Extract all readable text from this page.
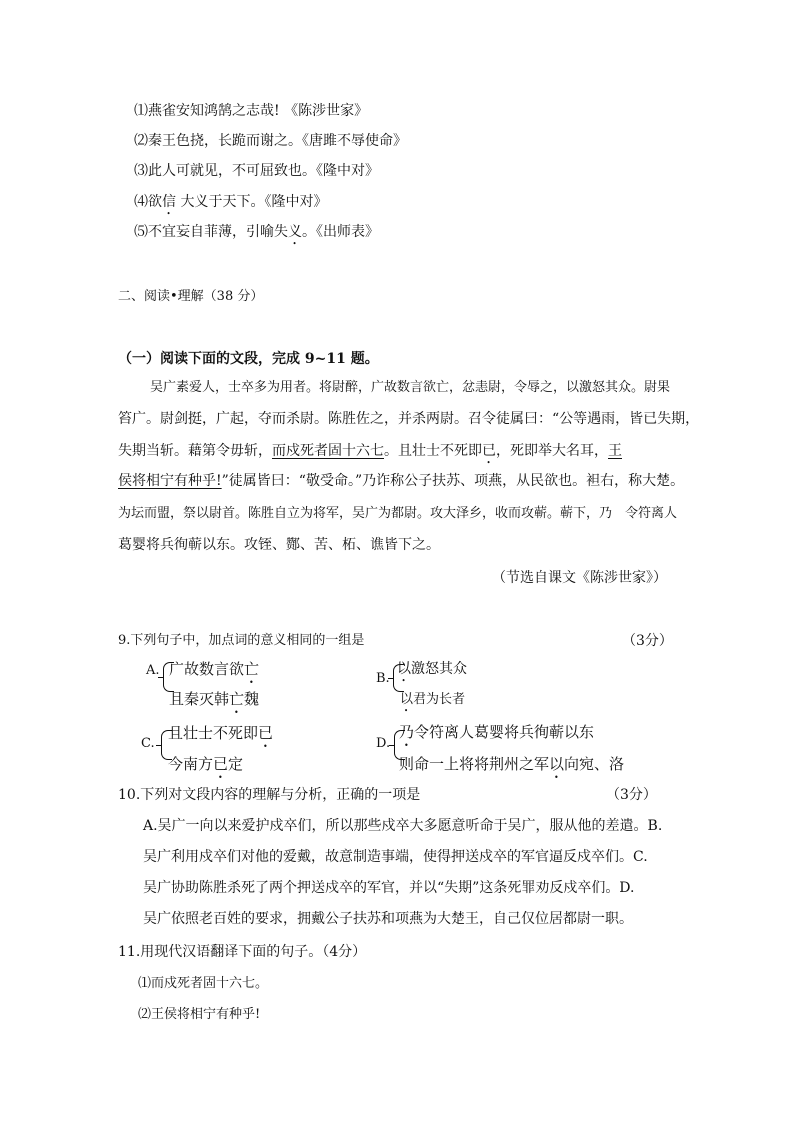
⑴燕雀安知鸿鹄之志哉! 《陈涉世家》
⑵秦王色挠，长跪而谢之。《唐雎不辱使命》
⑶此人可就见，不可屈致也。《隆中对》
⑷欲信 大义于天下。《隆中对》
⑸不宜妄自菲薄，引喻失义。《出师表》
二、阅读•理解（38 分）
（一）阅读下面的文段，完成 9~11 题。
吴广素爱人，士卒多为用者。将尉醉，广故数言欲亡，忿恚尉，令辱之，以激怒其众。尉果
笞广。尉剑挺，广起，夺而杀尉。陈胜佐之，并杀两尉。召令徒属曰：“公等遇雨，皆已失期，
失期当斩。藉第令毋斩，而戍死者固十六七。且壮士不死即已，死即举大名耳，王
侯将相宁有种乎!”徒属皆曰：“敬受命。”乃诈称公子扶苏、项燕，从民欲也。袒右，称大楚。
为坛而盟，祭以尉首。陈胜自立为将军，吴广为都尉。攻大泽乡，收而攻蕲。蕲下，乃　令符离人
葛婴将兵徇蕲以东。攻铚、酂、苦、柘、谯皆下之。
（节选自课文《陈涉世家》）
9.下列句子中，加点词的意义相同的一组是	（3分）
A. 广故数言欲亡
且秦灭韩亡魏
B.
以激怒其众
以君为长者
C.
且壮士不死即已
今南方已定
D.
乃令符离人葛婴将兵徇蕲以东
则命一上将将荆州之军以向宛、洛
10.下列对文段内容的理解与分析，正确的一项是	（3分）
A.吴广一向以来爱护戍卒们，所以那些戍卒大多愿意听命于吴广，服从他的差遣。B.
吴广利用戍卒们对他的爱戴，故意制造事端，使得押送戍卒的军官逼反戍卒们。C.
吴广协助陈胜杀死了两个押送戍卒的军官，并以“失期”这条死罪劝反戍卒们。D.
吴广依照老百姓的要求，拥戴公子扶苏和项燕为大楚王，自己仅位居都尉一职。
11.用现代汉语翻译下面的句子。（4分）
⑴而戍死者固十六七。
⑵王侯将相宁有种乎!
